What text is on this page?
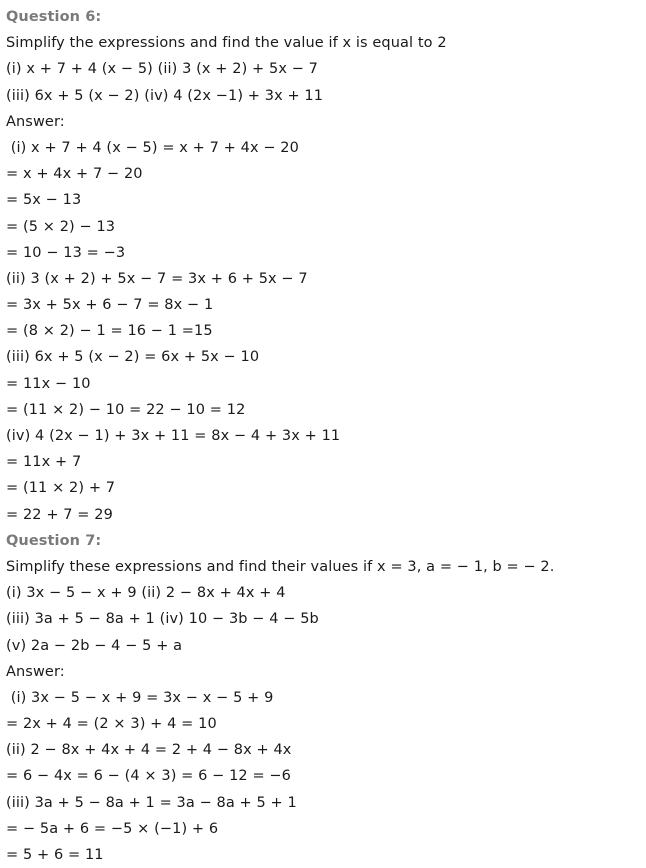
Question 6:
Simplify the expressions and find the value if x is equal to 2
(i) x + 7 + 4 (x − 5) (ii) 3 (x + 2) + 5x − 7
(iii) 6x + 5 (x − 2) (iv) 4 (2x −1) + 3x + 11
Answer:
(i) x + 7 + 4 (x − 5) = x + 7 + 4x − 20
= x + 4x + 7 − 20
= 5x − 13
= (5 × 2) − 13
= 10 − 13 = −3
(ii) 3 (x + 2) + 5x − 7 = 3x + 6 + 5x − 7
= 3x + 5x + 6 − 7 = 8x − 1
= (8 × 2) − 1 = 16 − 1 =15
(iii) 6x + 5 (x − 2) = 6x + 5x − 10
= 11x − 10
= (11 × 2) − 10 = 22 − 10 = 12
(iv) 4 (2x − 1) + 3x + 11 = 8x − 4 + 3x + 11
= 11x + 7
= (11 × 2) + 7
= 22 + 7 = 29
Question 7:
Simplify these expressions and find their values if x = 3, a = − 1, b = − 2.
(i) 3x − 5 − x + 9 (ii) 2 − 8x + 4x + 4
(iii) 3a + 5 − 8a + 1 (iv) 10 − 3b − 4 − 5b
(v) 2a − 2b − 4 − 5 + a
Answer:
(i) 3x − 5 − x + 9 = 3x − x − 5 + 9
= 2x + 4 = (2 × 3) + 4 = 10
(ii) 2 − 8x + 4x + 4 = 2 + 4 − 8x + 4x
= 6 − 4x = 6 − (4 × 3) = 6 − 12 = −6
(iii) 3a + 5 − 8a + 1 = 3a − 8a + 5 + 1
= − 5a + 6 = −5 × (−1) + 6
= 5 + 6 = 11
